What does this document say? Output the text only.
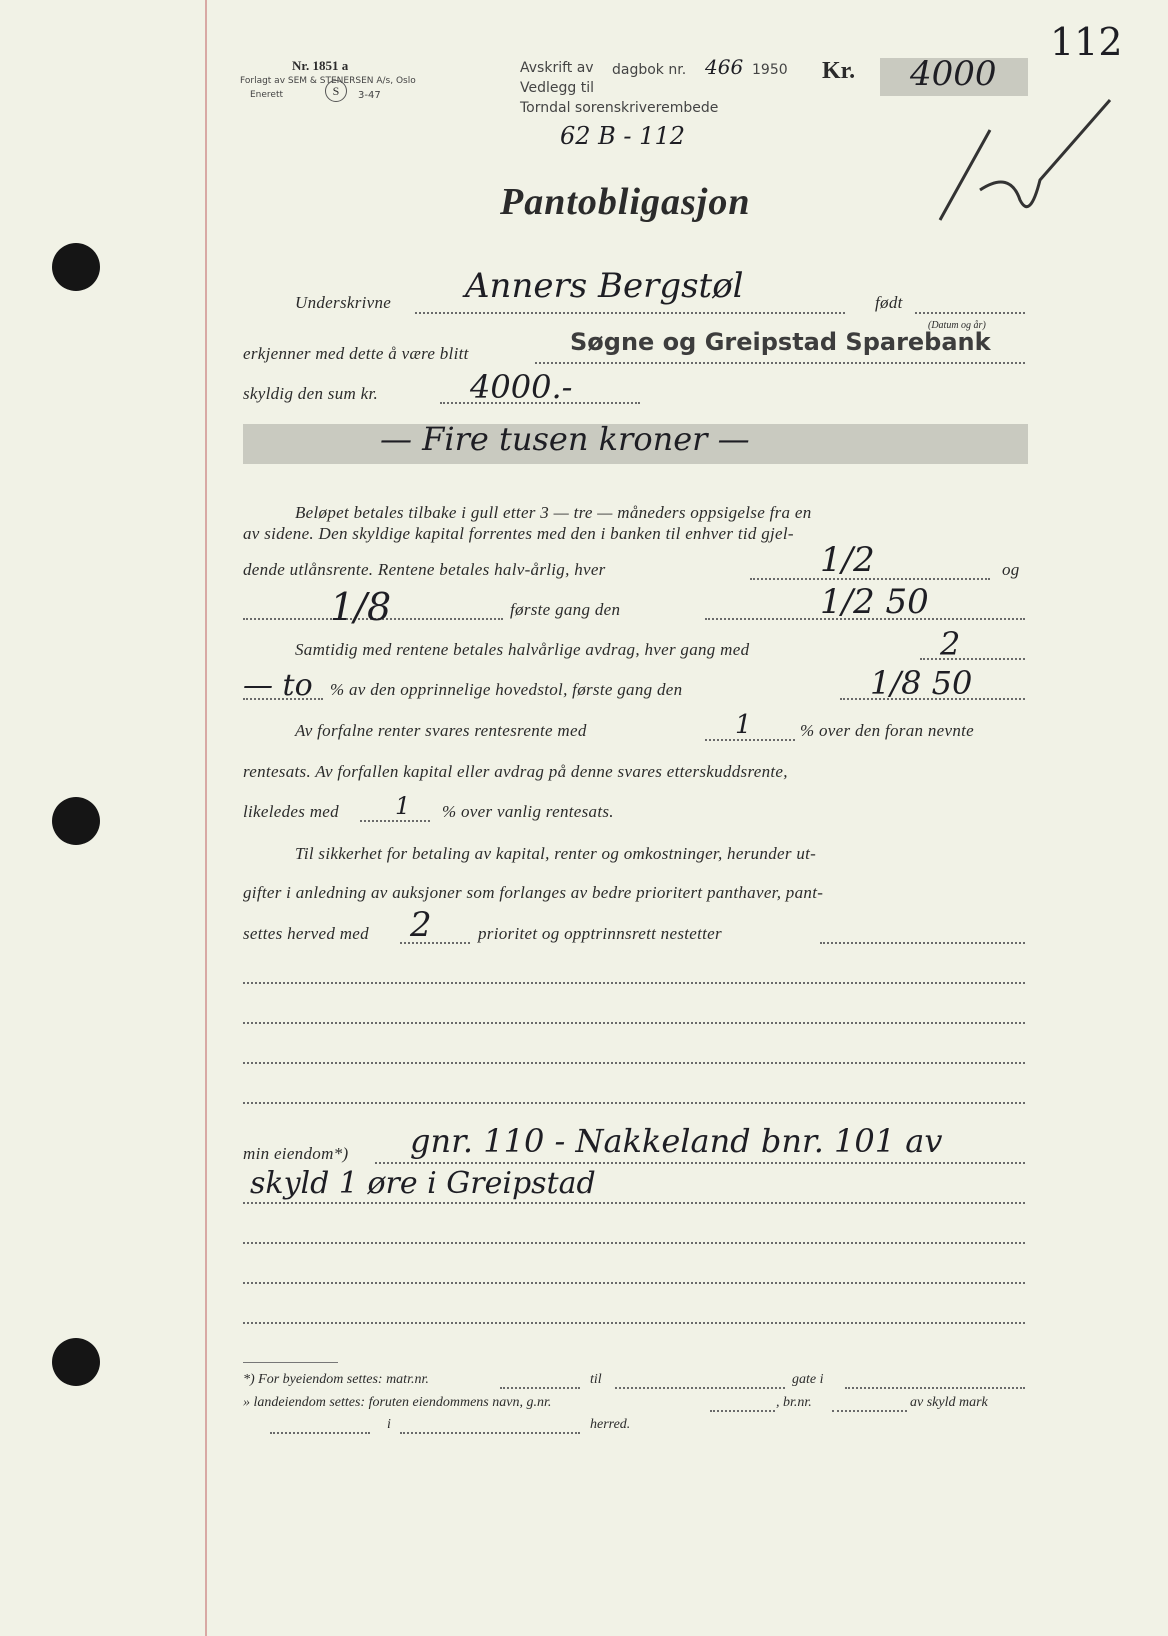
Nr. 1851 a
Forlagt av SEM & STENERSEN A/s, Oslo
Enerett	S	3-47
Avskrift av dagbok nr. 466 1950
Vedlegg til
Torndal sorenskriverembede
62 B - 112
Kr. 4000
112
Pantobligasjon
Underskrivne Anners Bergstøl	født
(Datum og år)
erkjenner med dette å være blitt	Søgne og Greipstad Sparebank
skyldig den sum kr.	4000.-
— Fire tusen kroner —
Beløpet betales tilbake i gull etter 3 — tre — måneders oppsigelse fra en
av sidene. Den skyldige kapital forrentes med den i banken til enhver tid gjel-
dende utlånsrente. Rentene betales halv-årlig, hver	1/2	og
1/8	første gang den	1/2 50
Samtidig med rentene betales halvårlige avdrag, hver gang med	2
— to % av den opprinnelige hovedstol, første gang den	1/8 50
Av forfalne renter svares rentesrente med	1	% over den foran nevnte
rentesats. Av forfallen kapital eller avdrag på denne svares etterskuddsrente,
likeledes med 1 % over vanlig rentesats.
Til sikkerhet for betaling av kapital, renter og omkostninger, herunder ut-
gifter i anledning av auksjoner som forlanges av bedre prioritert panthaver, pant-
settes herved med 2	prioritet og opptrinnsrett nestetter
min eiendom*) gnr. 110 - Nakkeland bnr. 101 av
skyld 1 øre i Greipstad
*) For byeiendom settes: matr.nr.	til	gate i
» landeiendom settes: foruten eiendommens navn, g.nr.	, br.nr.	av skyld mark
i	herred.
